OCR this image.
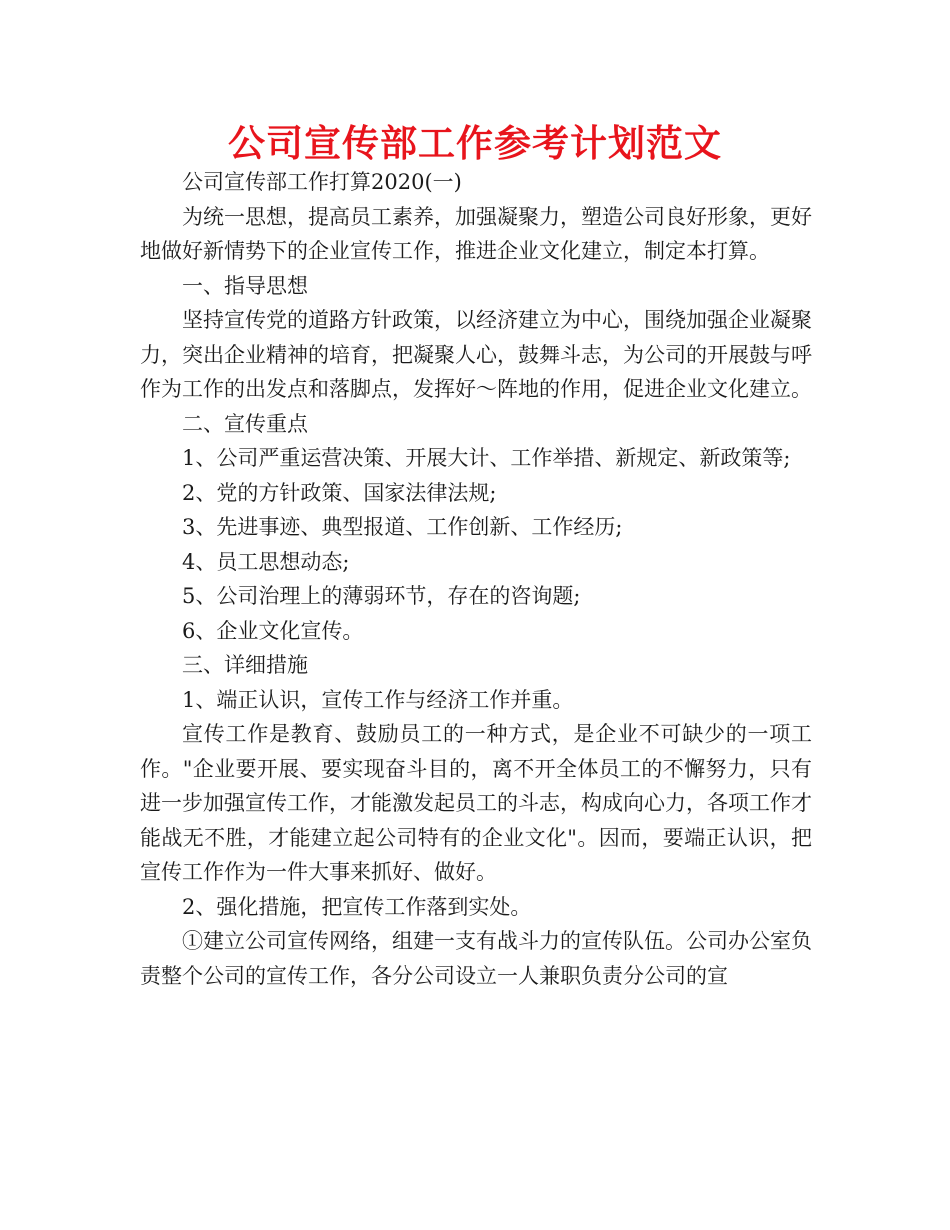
公司宣传部工作参考计划范文

公司宣传部工作打算2020(一)

为统一思想，提高员工素养，加强凝聚力，塑造公司良好形象，更好地做好新情势下的企业宣传工作，推进企业文化建立，制定本打算。

一、指导思想

坚持宣传党的道路方针政策，以经济建立为中心，围绕加强企业凝聚力，突出企业精神的培育，把凝聚人心，鼓舞斗志，为公司的开展鼓与呼作为工作的出发点和落脚点，发挥好～阵地的作用，促进企业文化建立。

二、宣传重点

1、公司严重运营决策、开展大计、工作举措、新规定、新政策等;

2、党的方针政策、国家法律法规;

3、先进事迹、典型报道、工作创新、工作经历;

4、员工思想动态;

5、公司治理上的薄弱环节，存在的咨询题;

6、企业文化宣传。

三、详细措施

1、端正认识，宣传工作与经济工作并重。

宣传工作是教育、鼓励员工的一种方式，是企业不可缺少的一项工作。"企业要开展、要实现奋斗目的，离不开全体员工的不懈努力，只有进一步加强宣传工作，才能激发起员工的斗志，构成向心力，各项工作才能战无不胜，才能建立起公司特有的企业文化"。因而，要端正认识，把宣传工作作为一件大事来抓好、做好。

2、强化措施，把宣传工作落到实处。

①建立公司宣传网络，组建一支有战斗力的宣传队伍。公司办公室负责整个公司的宣传工作，各分公司设立一人兼职负责分公司的宣
